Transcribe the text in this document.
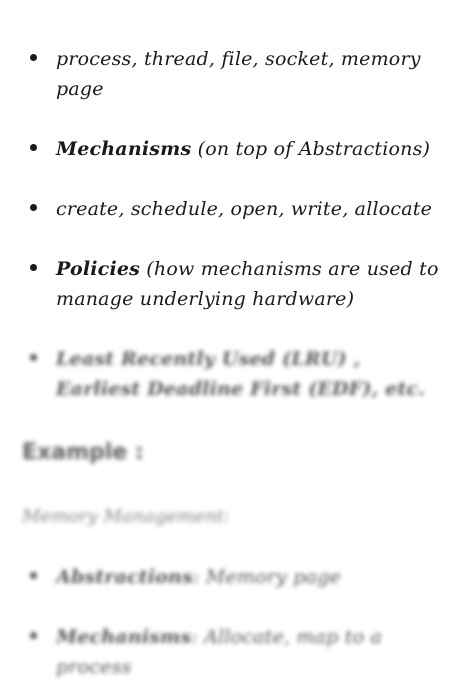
process, thread, file, socket, memory page
Mechanisms (on top of Abstractions)
create, schedule, open, write, allocate
Policies (how mechanisms are used to manage underlying hardware)
Least Recently Used (LRU) , Earliest Deadline First (EDF), etc.
Example :
Memory Management:
Abstractions: Memory page
Mechanisms: Allocate, map to a process
